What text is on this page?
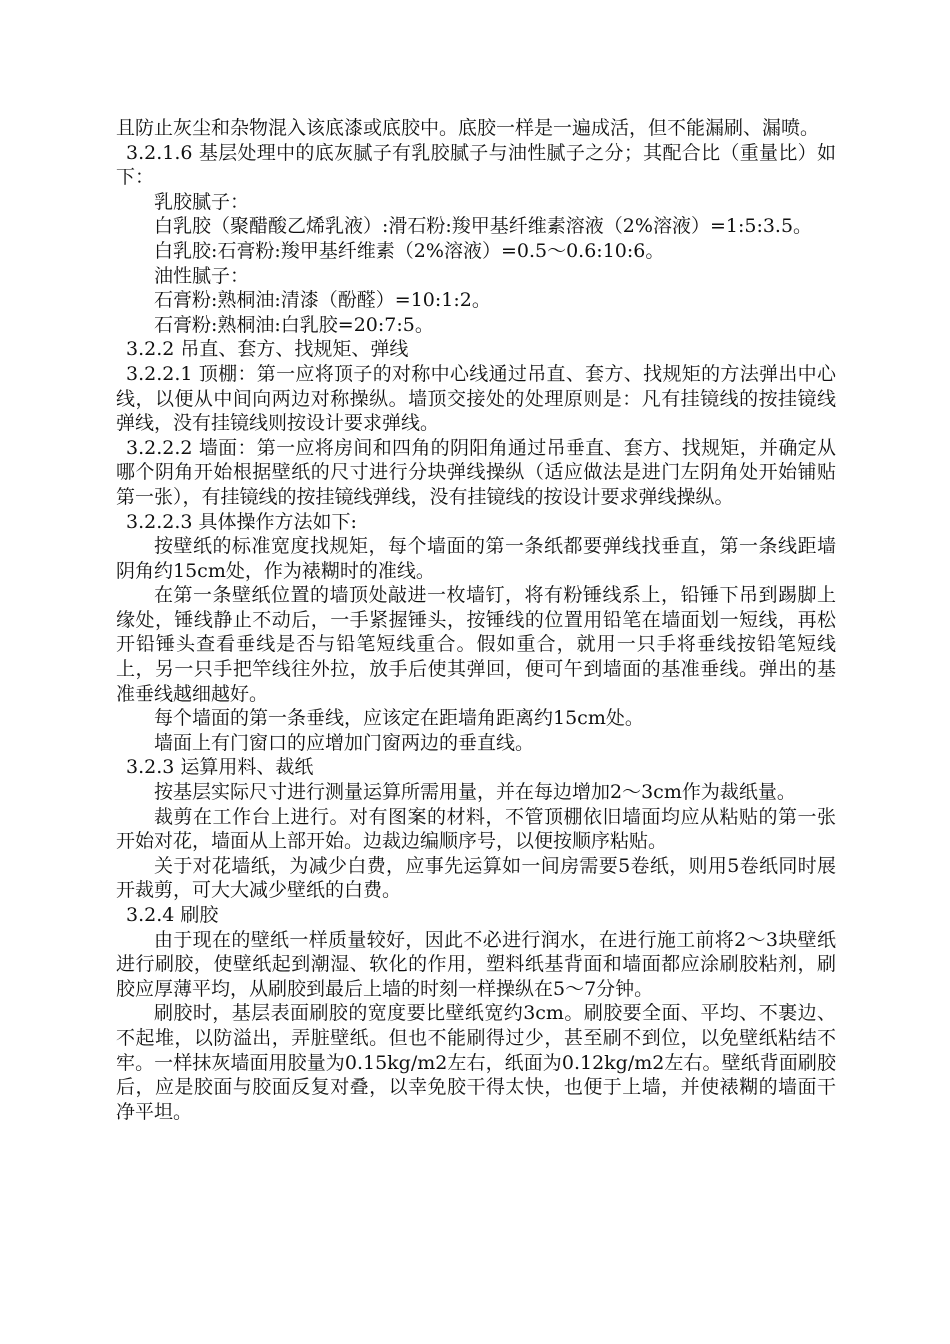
且防止灰尘和杂物混入该底漆或底胶中。底胶一样是一遍成活，但不能漏刷、漏喷。

3.2.1.6 基层处理中的底灰腻子有乳胶腻子与油性腻子之分；其配合比（重量比）如下：

乳胶腻子：

白乳胶（聚醋酸乙烯乳液）:滑石粉:羧甲基纤维素溶液（2%溶液）=1:5:3.5。

白乳胶:石膏粉:羧甲基纤维素（2%溶液）=0.5～0.6:10:6。

油性腻子：

石膏粉:熟桐油:清漆（酚醛）=10:1:2。

石膏粉:熟桐油:白乳胶=20:7:5。

3.2.2 吊直、套方、找规矩、弹线

3.2.2.1 顶棚：第一应将顶子的对称中心线通过吊直、套方、找规矩的方法弹出中心线，以便从中间向两边对称操纵。墙顶交接处的处理原则是：凡有挂镜线的按挂镜线弹线，没有挂镜线则按设计要求弹线。

3.2.2.2 墙面：第一应将房间和四角的阴阳角通过吊垂直、套方、找规矩，并确定从哪个阴角开始根据壁纸的尺寸进行分块弹线操纵（适应做法是进门左阴角处开始铺贴第一张），有挂镜线的按挂镜线弹线，没有挂镜线的按设计要求弹线操纵。

3.2.2.3 具体操作方法如下:

按壁纸的标准宽度找规矩，每个墙面的第一条纸都要弹线找垂直，第一条线距墙阴角约15cm处，作为裱糊时的准线。

在第一条壁纸位置的墙顶处敲进一枚墙钉，将有粉锤线系上，铅锤下吊到踢脚上缘处，锤线静止不动后，一手紧握锤头，按锤线的位置用铅笔在墙面划一短线，再松开铅锤头查看垂线是否与铅笔短线重合。假如重合，就用一只手将垂线按铅笔短线上，另一只手把竿线往外拉，放手后使其弹回，便可午到墙面的基准垂线。弹出的基准垂线越细越好。

每个墙面的第一条垂线，应该定在距墙角距离约15cm处。

墙面上有门窗口的应增加门窗两边的垂直线。

3.2.3 运算用料、裁纸

按基层实际尺寸进行测量运算所需用量，并在每边增加2～3cm作为裁纸量。

裁剪在工作台上进行。对有图案的材料，不管顶棚依旧墙面均应从粘贴的第一张开始对花，墙面从上部开始。边裁边编顺序号，以便按顺序粘贴。

关于对花墙纸，为减少白费，应事先运算如一间房需要5卷纸，则用5卷纸同时展开裁剪，可大大减少壁纸的白费。

3.2.4 刷胶

由于现在的壁纸一样质量较好，因此不必进行润水，在进行施工前将2～3块壁纸进行刷胶，使壁纸起到潮湿、软化的作用，塑料纸基背面和墙面都应涂刷胶粘剂，刷胶应厚薄平均，从刷胶到最后上墙的时刻一样操纵在5～7分钟。

刷胶时，基层表面刷胶的宽度要比壁纸宽约3cm。刷胶要全面、平均、不裹边、不起堆，以防溢出，弄脏壁纸。但也不能刷得过少，甚至刷不到位，以免壁纸粘结不牢。一样抹灰墙面用胶量为0.15kg/m2左右，纸面为0.12kg/m2左右。壁纸背面刷胶后，应是胶面与胶面反复对叠，以幸免胶干得太快，也便于上墙，并使裱糊的墙面干净平坦。
